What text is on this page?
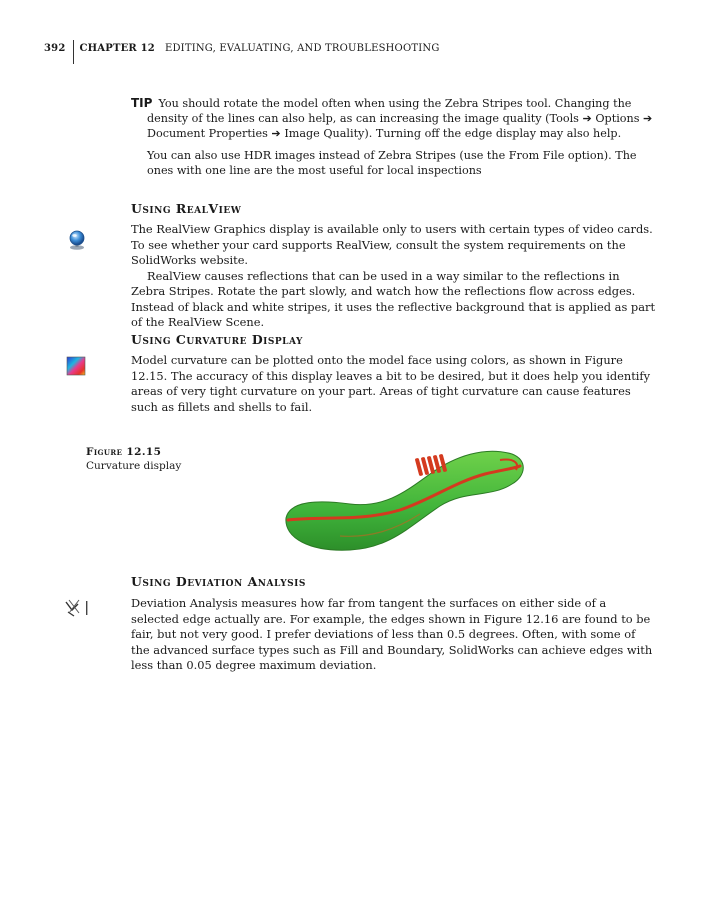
392	CHAPTER 12 EDITING, EVALUATING, AND TROUBLESHOOTING

TIP You should rotate the model often when using the Zebra Stripes tool. Changing the density of the lines can also help, as can increasing the image quality (Tools ➔ Options ➔ Document Properties ➔ Image Quality). Turning off the edge display may also help.

You can also use HDR images instead of Zebra Stripes (use the From File option). The ones with one line are the most useful for local inspections

Using RealView

The RealView Graphics display is available only to users with certain types of video cards. To see whether your card supports RealView, consult the system requirements on the SolidWorks website.

RealView causes reflections that can be used in a way similar to the reflections in Zebra Stripes. Rotate the part slowly, and watch how the reflections flow across edges. Instead of black and white stripes, it uses the reflective background that is applied as part of the RealView Scene.

Using Curvature Display

Model curvature can be plotted onto the model face using colors, as shown in Figure 12.15. The accuracy of this display leaves a bit to be desired, but it does help you identify areas of very tight curvature on your part. Areas of tight curvature can cause features such as fillets and shells to fail.

Figure 12.15
Curvature display
Using Deviation Analysis

Deviation Analysis measures how far from tangent the surfaces on either side of a selected edge actually are. For example, the edges shown in Figure 12.16 are found to be fair, but not very good. I prefer deviations of less than 0.5 degrees. Often, with some of the advanced surface types such as Fill and Boundary, SolidWorks can achieve edges with less than 0.05 degree maximum deviation.
